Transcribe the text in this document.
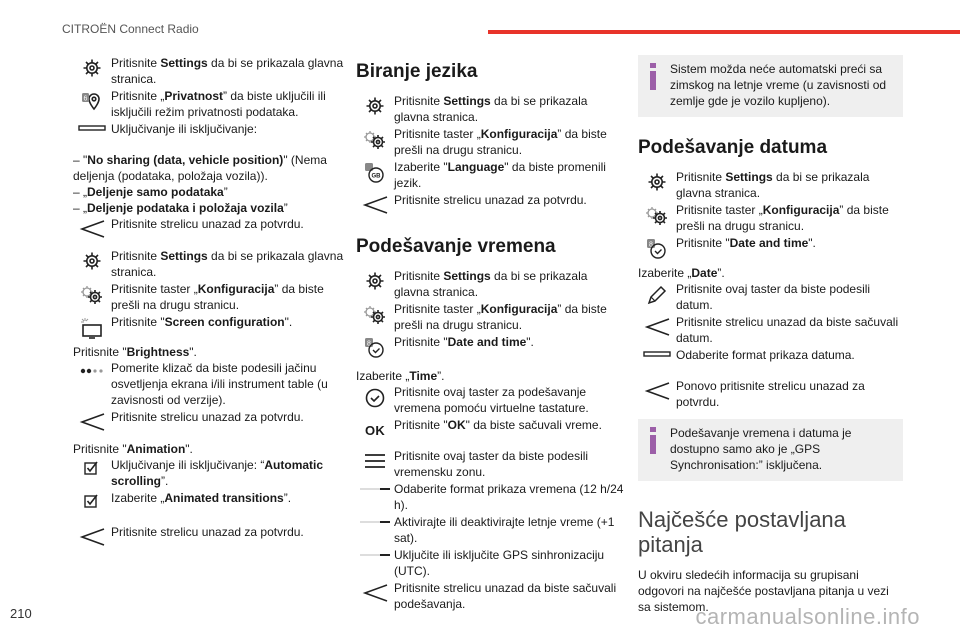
CITROËN Connect Radio
210	carmanualsonline.info
Pritisnite Settings da bi se prikazala glavna stranica.
6 Pritisnite „Privatnost” da biste uključili ili isključili režim privatnosti podataka.
Uključivanje ili isključivanje:
– "No sharing (data, vehicle position)" (Nema deljenja (podataka, položaja vozila)).
– „Deljenje samo podataka”
– „Deljenje podataka i položaja vozila”
Pritisnite strelicu unazad za potvrdu.
Pritisnite Settings da bi se prikazala glavna stranica.
Pritisnite taster „Konfiguracija” da biste prešli na drugu stranicu.
Pritisnite "Screen configuration".
Pritisnite "Brightness".
Pomerite klizač da biste podesili jačinu osvetljenja ekrana i/ili instrument table (u zavisnosti od verzije).
Pritisnite strelicu unazad za potvrdu.
Pritisnite "Animation".
Uključivanje ili isključivanje: “Automatic scrolling”.
Izaberite „Animated transitions”.
Pritisnite strelicu unazad za potvrdu.
Biranje jezika
Pritisnite Settings da bi se prikazala glavna stranica.
Pritisnite taster „Konfiguracija” da biste prešli na drugu stranicu.
GB
Izaberite "Language" da biste promenili jezik.
Pritisnite strelicu unazad za potvrdu.
Podešavanje vremena
Pritisnite Settings da bi se prikazala glavna stranica.
Pritisnite taster „Konfiguracija” da biste prešli na drugu stranicu.
8 Pritisnite "Date and time".
Izaberite „Time”.
Pritisnite ovaj taster za podešavanje vremena pomoću virtuelne tastature.
OK Pritisnite "OK" da biste sačuvali vreme.
Pritisnite ovaj taster da biste podesili vremensku zonu.
Odaberite format prikaza vremena (12 h/24 h).
Aktivirajte ili deaktivirajte letnje vreme (+1 sat).
Uključite ili isključite GPS sinhronizaciju (UTC).
Pritisnite strelicu unazad da biste sačuvali podešavanja.
Sistem možda neće automatski preći sa zimskog na letnje vreme (u zavisnosti od zemlje gde je vozilo kupljeno).
Podešavanje datuma
Pritisnite Settings da bi se prikazala glavna stranica.
Pritisnite taster „Konfiguracija” da biste prešli na drugu stranicu.
8 Pritisnite "Date and time".
Izaberite „Date”.
Pritisnite ovaj taster da biste podesili datum.
Pritisnite strelicu unazad da biste sačuvali datum.
Odaberite format prikaza datuma.
Ponovo pritisnite strelicu unazad za potvrdu.
Podešavanje vremena i datuma je dostupno samo ako je „GPS Synchronisation:” isključena.
Najčešće postavljana pitanja
U okviru sledećih informacija su grupisani odgovori na najčešće postavljana pitanja u vezi sa sistemom.
